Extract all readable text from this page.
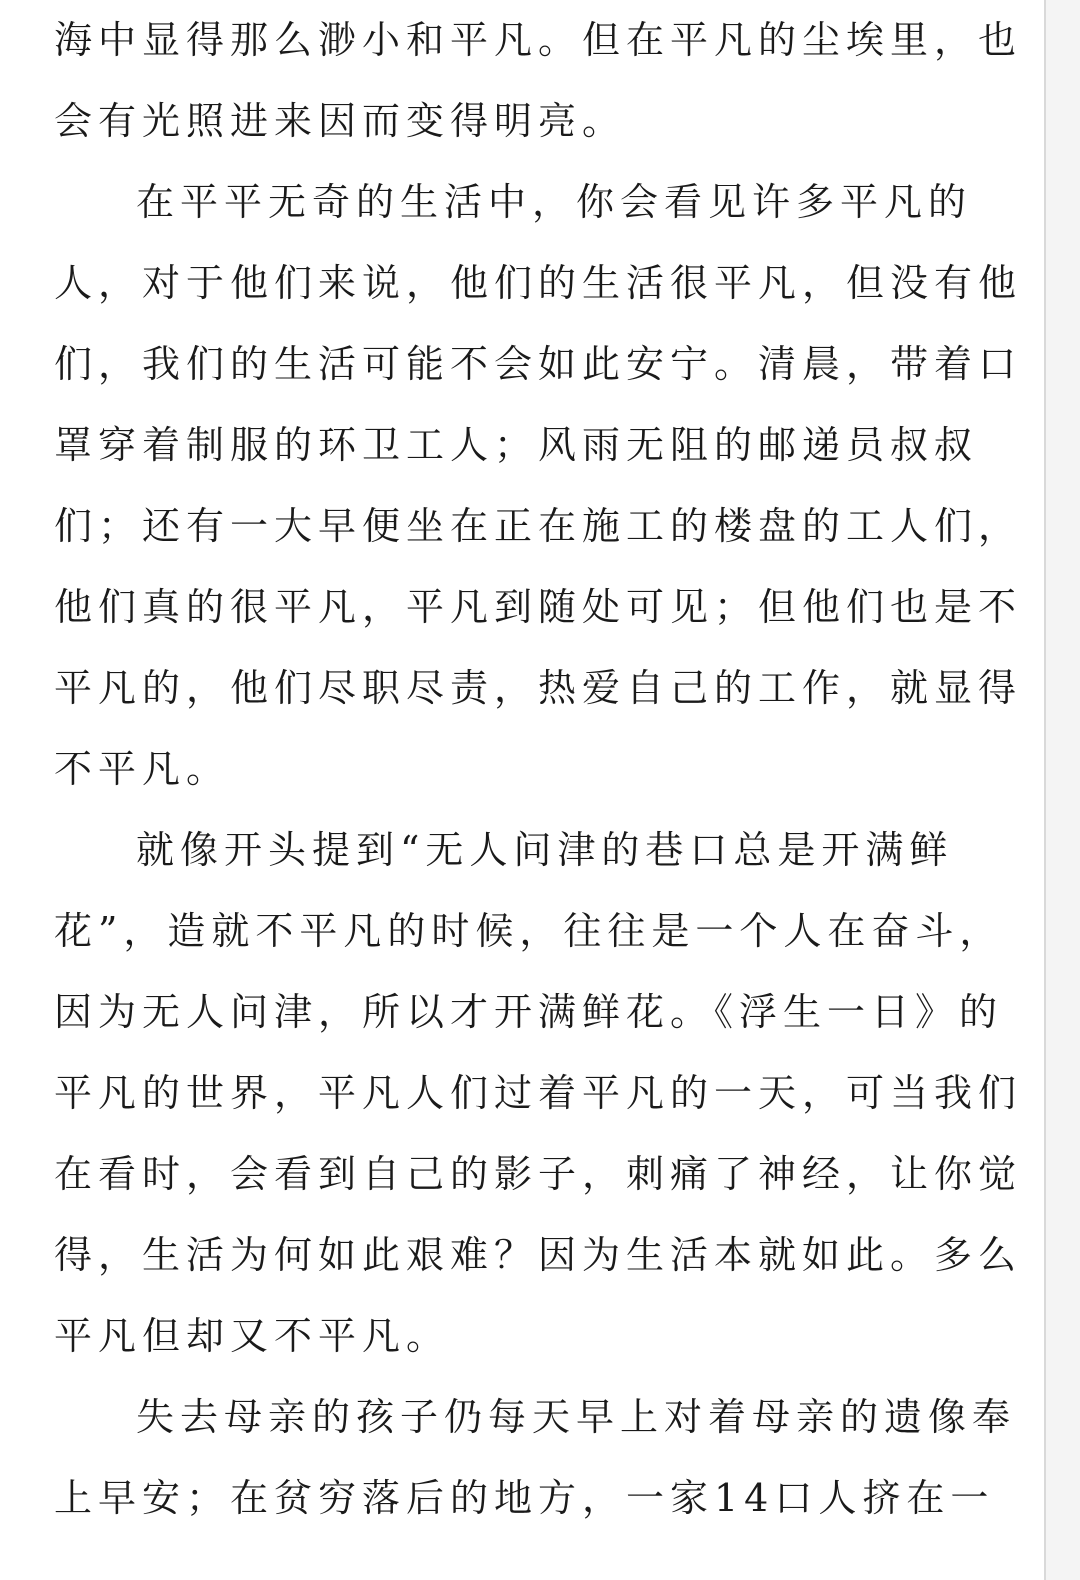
海中显得那么渺小和平凡。但在平凡的尘埃里，也
会有光照进来因而变得明亮。
在平平无奇的生活中，你会看见许多平凡的
人，对于他们来说，他们的生活很平凡，但没有他
们，我们的生活可能不会如此安宁。清晨，带着口
罩穿着制服的环卫工人；风雨无阻的邮递员叔叔
们；还有一大早便坐在正在施工的楼盘的工人们，
他们真的很平凡，平凡到随处可见；但他们也是不
平凡的，他们尽职尽责，热爱自己的工作，就显得
不平凡。
就像开头提到“无人问津的巷口总是开满鲜
花”，造就不平凡的时候，往往是一个人在奋斗，
因为无人问津，所以才开满鲜花。《浮生一日》的
平凡的世界，平凡人们过着平凡的一天，可当我们
在看时，会看到自己的影子，刺痛了神经，让你觉
得，生活为何如此艰难？因为生活本就如此。多么
平凡但却又不平凡。
失去母亲的孩子仍每天早上对着母亲的遗像奉
上早安；在贫穷落后的地方，一家14口人挤在一
